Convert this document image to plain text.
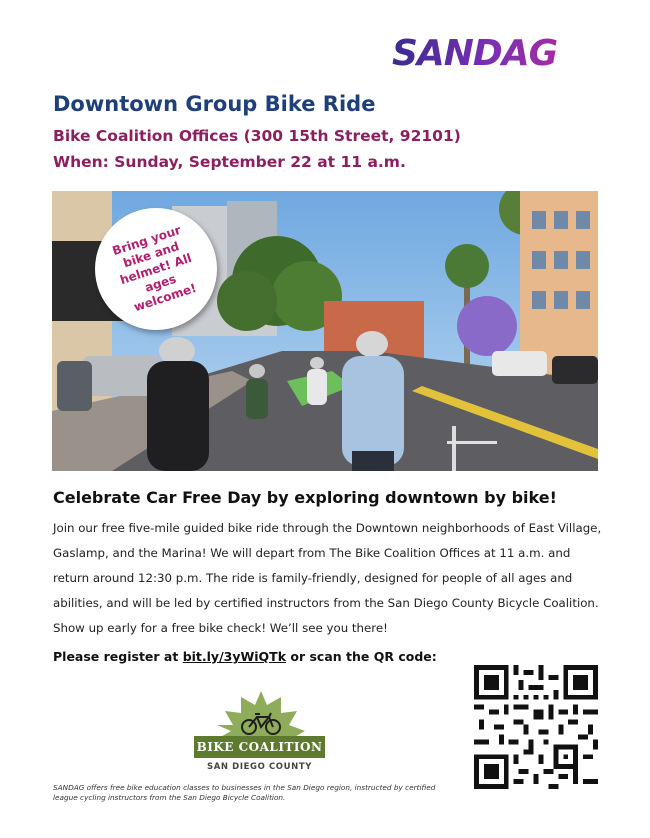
SANDAG
Downtown Group Bike Ride
Bike Coalition Offices (300 15th Street, 92101)
When: Sunday, September 22 at 11 a.m.
Bring your bike and helmet! All ages welcome!
Celebrate Car Free Day by exploring downtown by bike!

Join our free five-mile guided bike ride through the Downtown neighborhoods of East Village, Gaslamp, and the Marina! We will depart from The Bike Coalition Offices at 11 a.m. and return around 12:30 p.m. The ride is family-friendly, designed for people of all ages and abilities, and will be led by certified instructors from the San Diego County Bicycle Coalition. Show up early for a free bike check! We’ll see you there!

Please register at bit.ly/3yWiQTk or scan the QR code:
BIKE COALITION
SAN DIEGO COUNTY

SANDAG offers free bike education classes to businesses in the San Diego region, instructed by certified league cycling instructors from the San Diego Bicycle Coalition.
